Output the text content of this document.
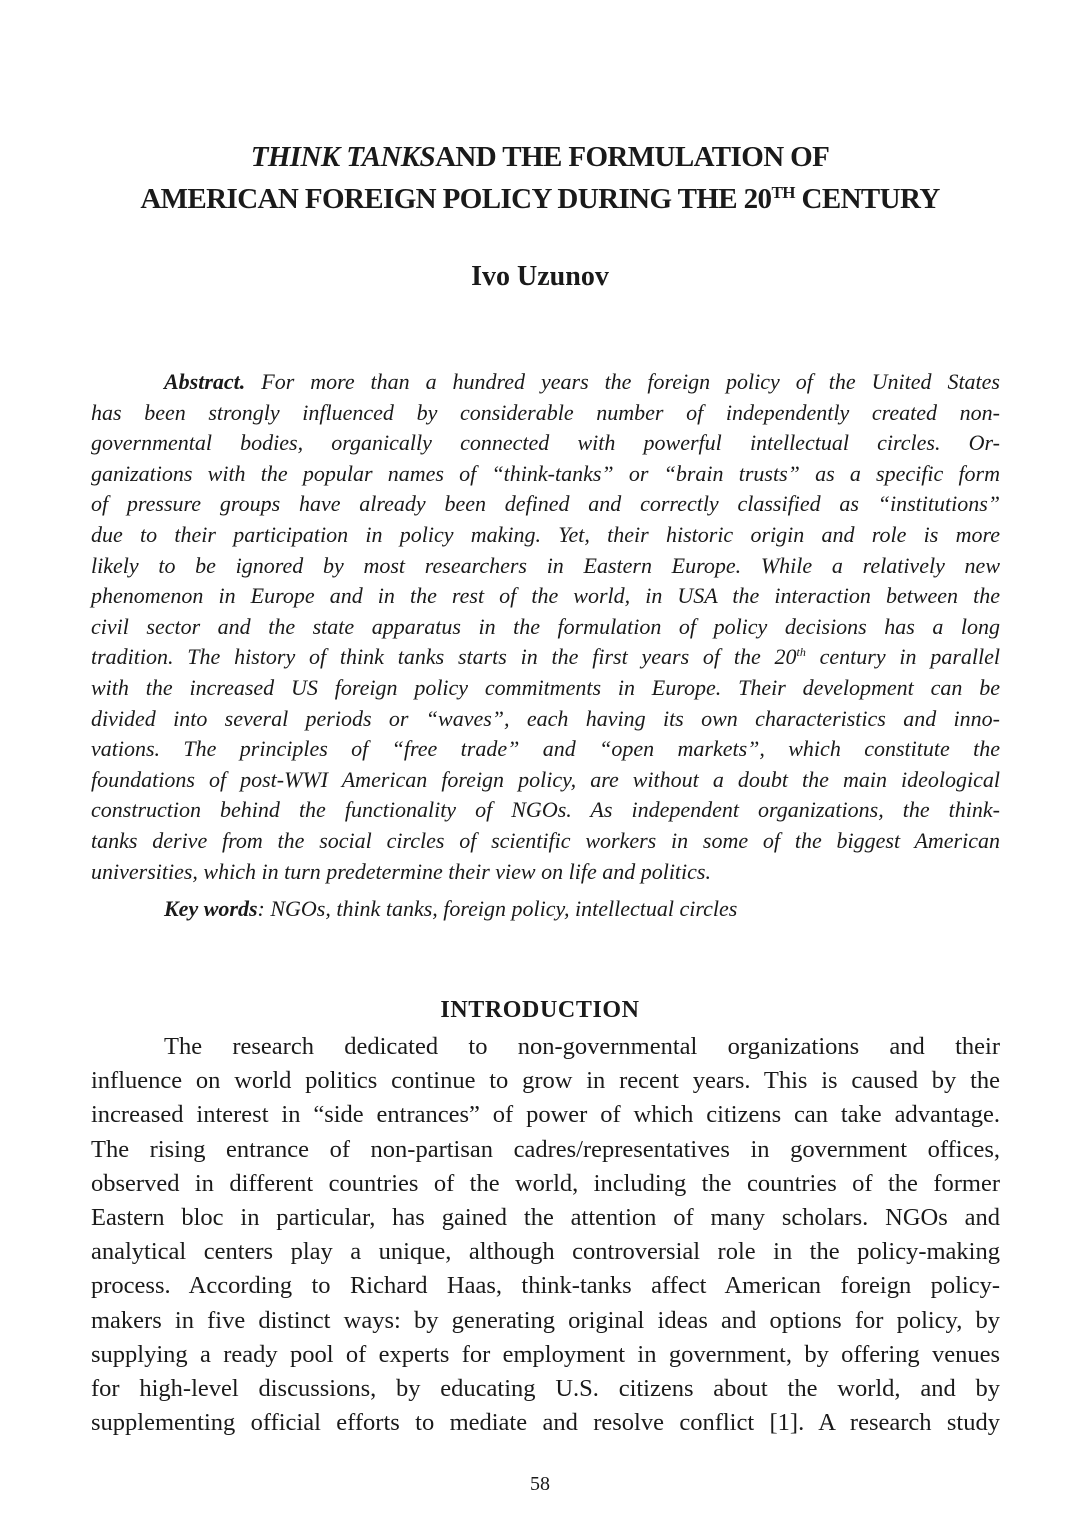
THINK TANKSAND THE FORMULATION OF
AMERICAN FOREIGN POLICY DURING THE 20TH CENTURY
Ivo Uzunov
Abstract. For more than a hundred years the foreign policy of the United States
has been strongly influenced by considerable number of independently created non-
governmental bodies, organically connected with powerful intellectual circles. Or-
ganizations with the popular names of “think-tanks” or “brain trusts” as a specific form
of pressure groups have already been defined and correctly classified as “institutions”
due to their participation in policy making. Yet, their historic origin and role is more
likely to be ignored by most researchers in Eastern Europe. While a relatively new
phenomenon in Europe and in the rest of the world, in USA the interaction between the
civil sector and the state apparatus in the formulation of policy decisions has a long
tradition. The history of think tanks starts in the first years of the 20th century in parallel
with the increased US foreign policy commitments in Europe. Their development can be
divided into several periods or “waves”, each having its own characteristics and inno-
vations. The principles of “free trade” and “open markets”, which constitute the
foundations of post-WWI American foreign policy, are without a doubt the main ideological
construction behind the functionality of NGOs. As independent organizations, the think-
tanks derive from the social circles of scientific workers in some of the biggest American
universities, which in turn predetermine their view on life and politics.
Key words: NGOs, think tanks, foreign policy, intellectual circles
INTRODUCTION
The research dedicated to non-governmental organizations and their
influence on world politics continue to grow in recent years. This is caused by the
increased interest in “side entrances” of power of which citizens can take advantage.
The rising entrance of non-partisan cadres/representatives in government offices,
observed in different countries of the world, including the countries of the former
Eastern bloc in particular, has gained the attention of many scholars. NGOs and
analytical centers play a unique, although controversial role in the policy-making
process. According to Richard Haas, think-tanks affect American foreign policy-
makers in five distinct ways: by generating original ideas and options for policy, by
supplying a ready pool of experts for employment in government, by offering venues
for high-level discussions, by educating U.S. citizens about the world, and by
supplementing official efforts to mediate and resolve conflict [1]. A research study
58
